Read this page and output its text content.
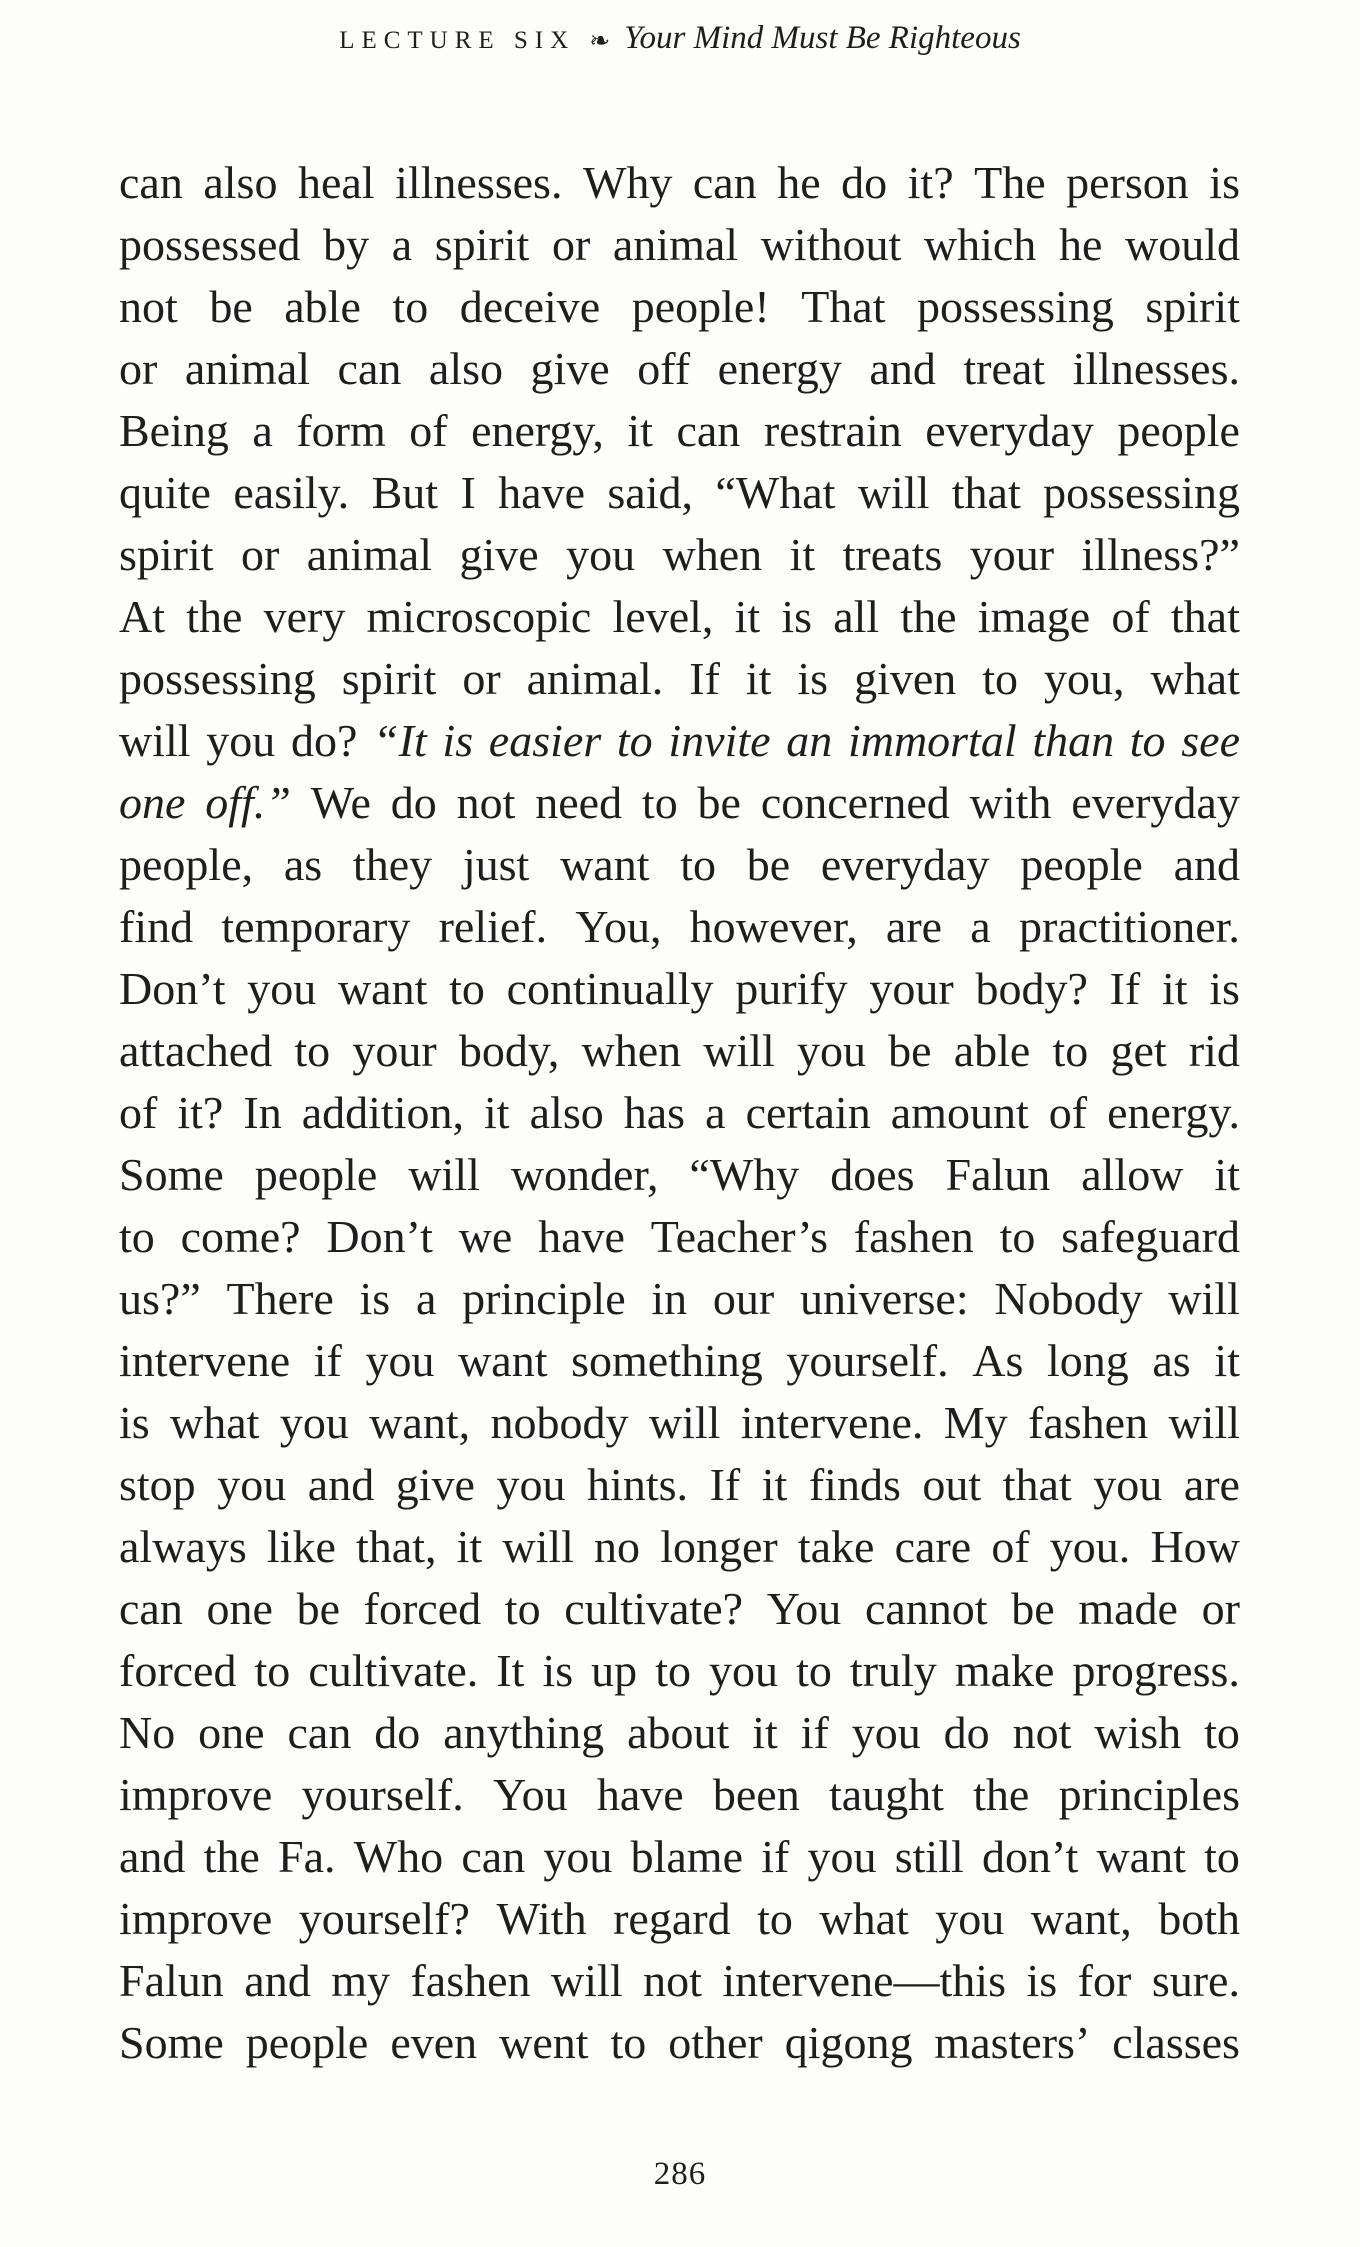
LECTURE SIX ❧ Your Mind Must Be Righteous
can also heal illnesses. Why can he do it? The person is
possessed by a spirit or animal without which he would
not be able to deceive people! That possessing spirit
or animal can also give off energy and treat illnesses.
Being a form of energy, it can restrain everyday people
quite easily. But I have said, “What will that possessing
spirit or animal give you when it treats your illness?”
At the very microscopic level, it is all the image of that
possessing spirit or animal. If it is given to you, what
will you do? “It is easier to invite an immortal than to see
one off.” We do not need to be concerned with everyday
people, as they just want to be everyday people and
find temporary relief. You, however, are a practitioner.
Don’t you want to continually purify your body? If it is
attached to your body, when will you be able to get rid
of it? In addition, it also has a certain amount of energy.
Some people will wonder, “Why does Falun allow it
to come? Don’t we have Teacher’s fashen to safeguard
us?” There is a principle in our universe: Nobody will
intervene if you want something yourself. As long as it
is what you want, nobody will intervene. My fashen will
stop you and give you hints. If it finds out that you are
always like that, it will no longer take care of you. How
can one be forced to cultivate? You cannot be made or
forced to cultivate. It is up to you to truly make progress.
No one can do anything about it if you do not wish to
improve yourself. You have been taught the principles
and the Fa. Who can you blame if you still don’t want to
improve yourself? With regard to what you want, both
Falun and my fashen will not intervene—this is for sure.
Some people even went to other qigong masters’ classes
286
